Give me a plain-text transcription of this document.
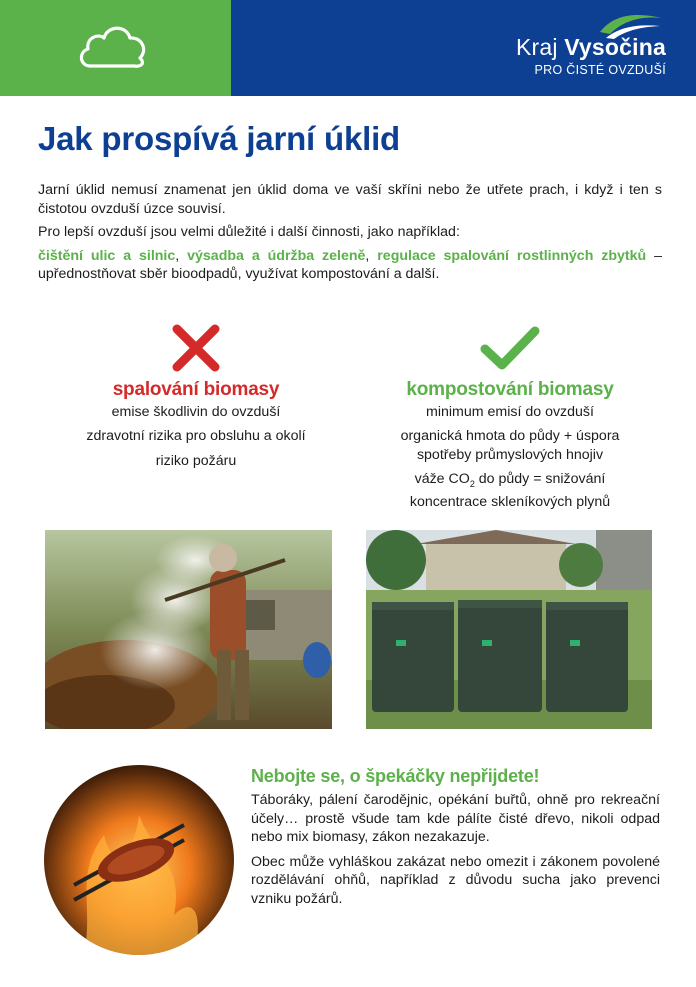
Kraj Vysočina
PRO ČISTÉ OVZDUŠÍ
Jak prospívá jarní úklid

Jarní úklid nemusí znamenat jen úklid doma ve vaší skříni nebo že utřete prach, i když i ten s čistotou ovzduší úzce souvisí.

Pro lepší ovzduší jsou velmi důležité i další činnosti, jako například:

čištění ulic a silnic, výsadba a údržba zeleně, regulace spalování rostlinných zbytků – upřednostňovat sběr bioodpadů, využívat kompostování a další.

spalování biomasy
emise škodlivin do ovzduší
zdravotní rizika pro obsluhu a okolí
riziko požáru
kompostování biomasy
minimum emisí do ovzduší
organická hmota do půdy + úspora spotřeby průmyslových hnojiv
váže $CO_2$ do půdy = snižování koncentrace skleníkových plynů
Nebojte se, o špekáčky nepřijdete!

Táboráky, pálení čarodějnic, opékání buřtů, ohně pro rekreační účely… prostě všude tam kde pálíte čisté dřevo, nikoli odpad nebo mix biomasy, zákon nezakazuje.

Obec může vyhláškou zakázat nebo omezit i zákonem povolené rozdělávání ohňů, například z důvodu sucha jako prevenci vzniku požárů.
